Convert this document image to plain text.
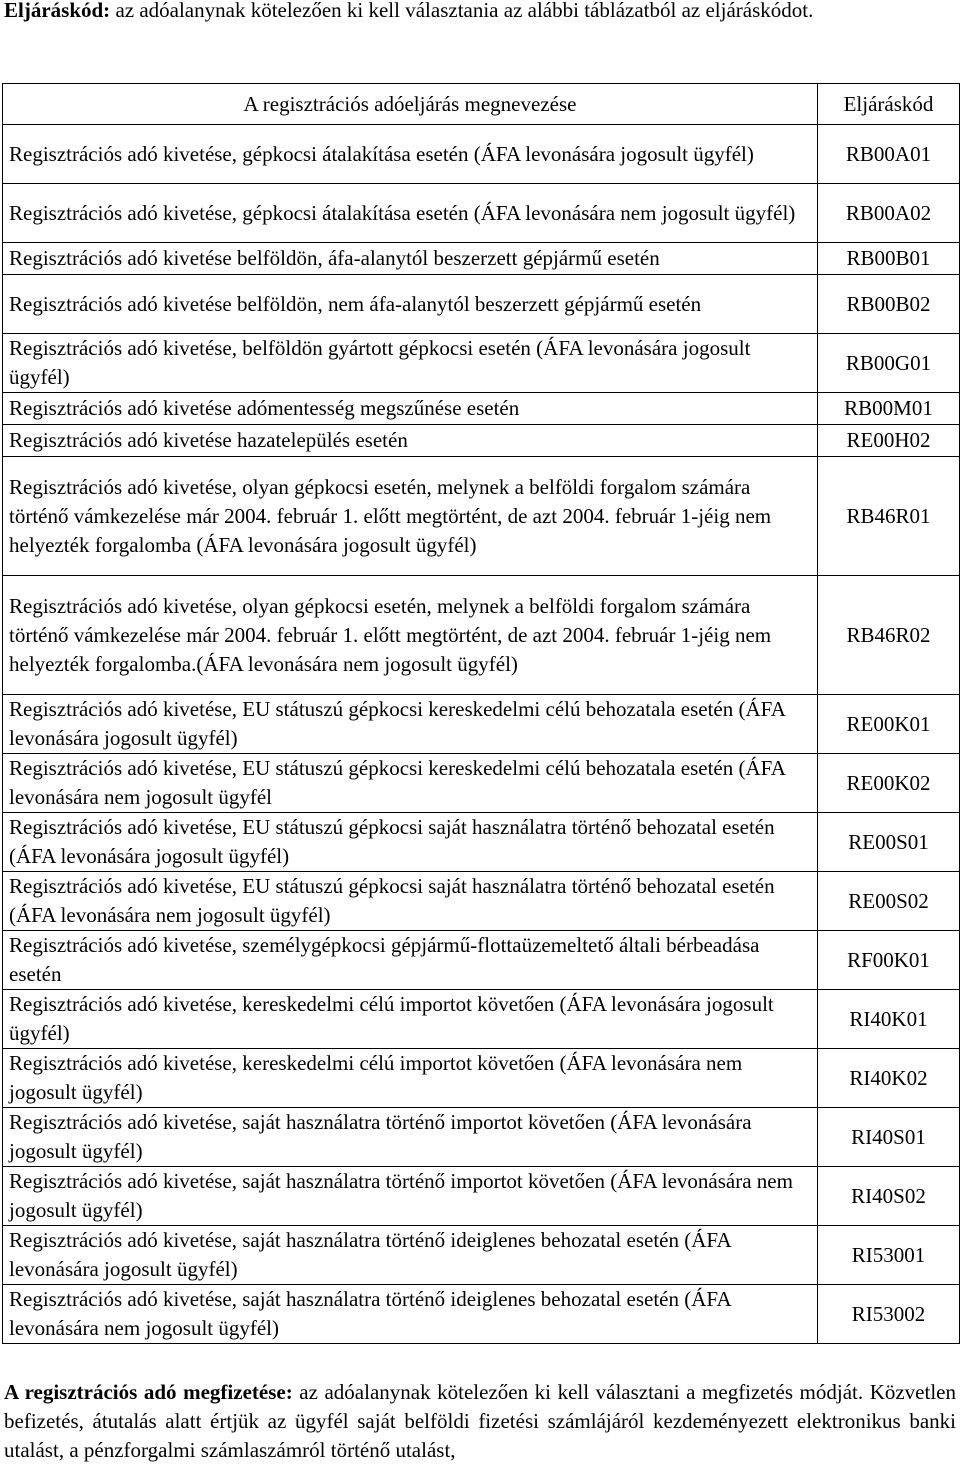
Eljáráskód: az adóalanynak kötelezően ki kell választania az alábbi táblázatból az eljáráskódot.

A regisztrációs adóeljárás megnevezése	Eljáráskód
Regisztrációs adó kivetése, gépkocsi átalakítása esetén (ÁFA levonására jogosult ügyfél)	RB00A01
Regisztrációs adó kivetése, gépkocsi átalakítása esetén (ÁFA levonására nem jogosult ügyfél)	RB00A02
Regisztrációs adó kivetése belföldön, áfa-alanytól beszerzett gépjármű esetén	RB00B01
Regisztrációs adó kivetése belföldön, nem áfa-alanytól beszerzett gépjármű esetén	RB00B02
Regisztrációs adó kivetése, belföldön gyártott gépkocsi esetén (ÁFA levonására jogosult ügyfél)	RB00G01
Regisztrációs adó kivetése adómentesség megszűnése esetén	RB00M01
Regisztrációs adó kivetése hazatelepülés esetén	RE00H02
Regisztrációs adó kivetése, olyan gépkocsi esetén, melynek a belföldi forgalom számára történő vámkezelése már 2004. február 1. előtt megtörtént, de azt 2004. február 1-jéig nem helyezték forgalomba (ÁFA levonására jogosult ügyfél)	RB46R01
Regisztrációs adó kivetése, olyan gépkocsi esetén, melynek a belföldi forgalom számára történő vámkezelése már 2004. február 1. előtt megtörtént, de azt 2004. február 1-jéig nem helyezték forgalomba.(ÁFA levonására nem jogosult ügyfél)	RB46R02
Regisztrációs adó kivetése, EU státuszú gépkocsi kereskedelmi célú behozatala esetén (ÁFA levonására jogosult ügyfél)	RE00K01
Regisztrációs adó kivetése, EU státuszú gépkocsi kereskedelmi célú behozatala esetén (ÁFA levonására nem jogosult ügyfél	RE00K02
Regisztrációs adó kivetése, EU státuszú gépkocsi saját használatra történő behozatal esetén (ÁFA levonására jogosult ügyfél)	RE00S01
Regisztrációs adó kivetése, EU státuszú gépkocsi saját használatra történő behozatal esetén (ÁFA levonására nem jogosult ügyfél)	RE00S02
Regisztrációs adó kivetése, személygépkocsi gépjármű-flottaüzemeltető általi bérbeadása esetén	RF00K01
Regisztrációs adó kivetése, kereskedelmi célú importot követően (ÁFA levonására jogosult ügyfél)	RI40K01
Regisztrációs adó kivetése, kereskedelmi célú importot követően (ÁFA levonására nem jogosult ügyfél)	RI40K02
Regisztrációs adó kivetése, saját használatra történő importot követően (ÁFA levonására jogosult ügyfél)	RI40S01
Regisztrációs adó kivetése, saját használatra történő importot követően (ÁFA levonására nem jogosult ügyfél)	RI40S02
Regisztrációs adó kivetése, saját használatra történő ideiglenes behozatal esetén (ÁFA levonására jogosult ügyfél)	RI53001
Regisztrációs adó kivetése, saját használatra történő ideiglenes behozatal esetén (ÁFA levonására nem jogosult ügyfél)	RI53002

A regisztrációs adó megfizetése: az adóalanynak kötelezően ki kell választani a megfizetés módját. Közvetlen befizetés, átutalás alatt értjük az ügyfél saját belföldi fizetési számlájáról kezdeményezett elektronikus banki utalást, a pénzforgalmi számlaszámról történő utalást,
